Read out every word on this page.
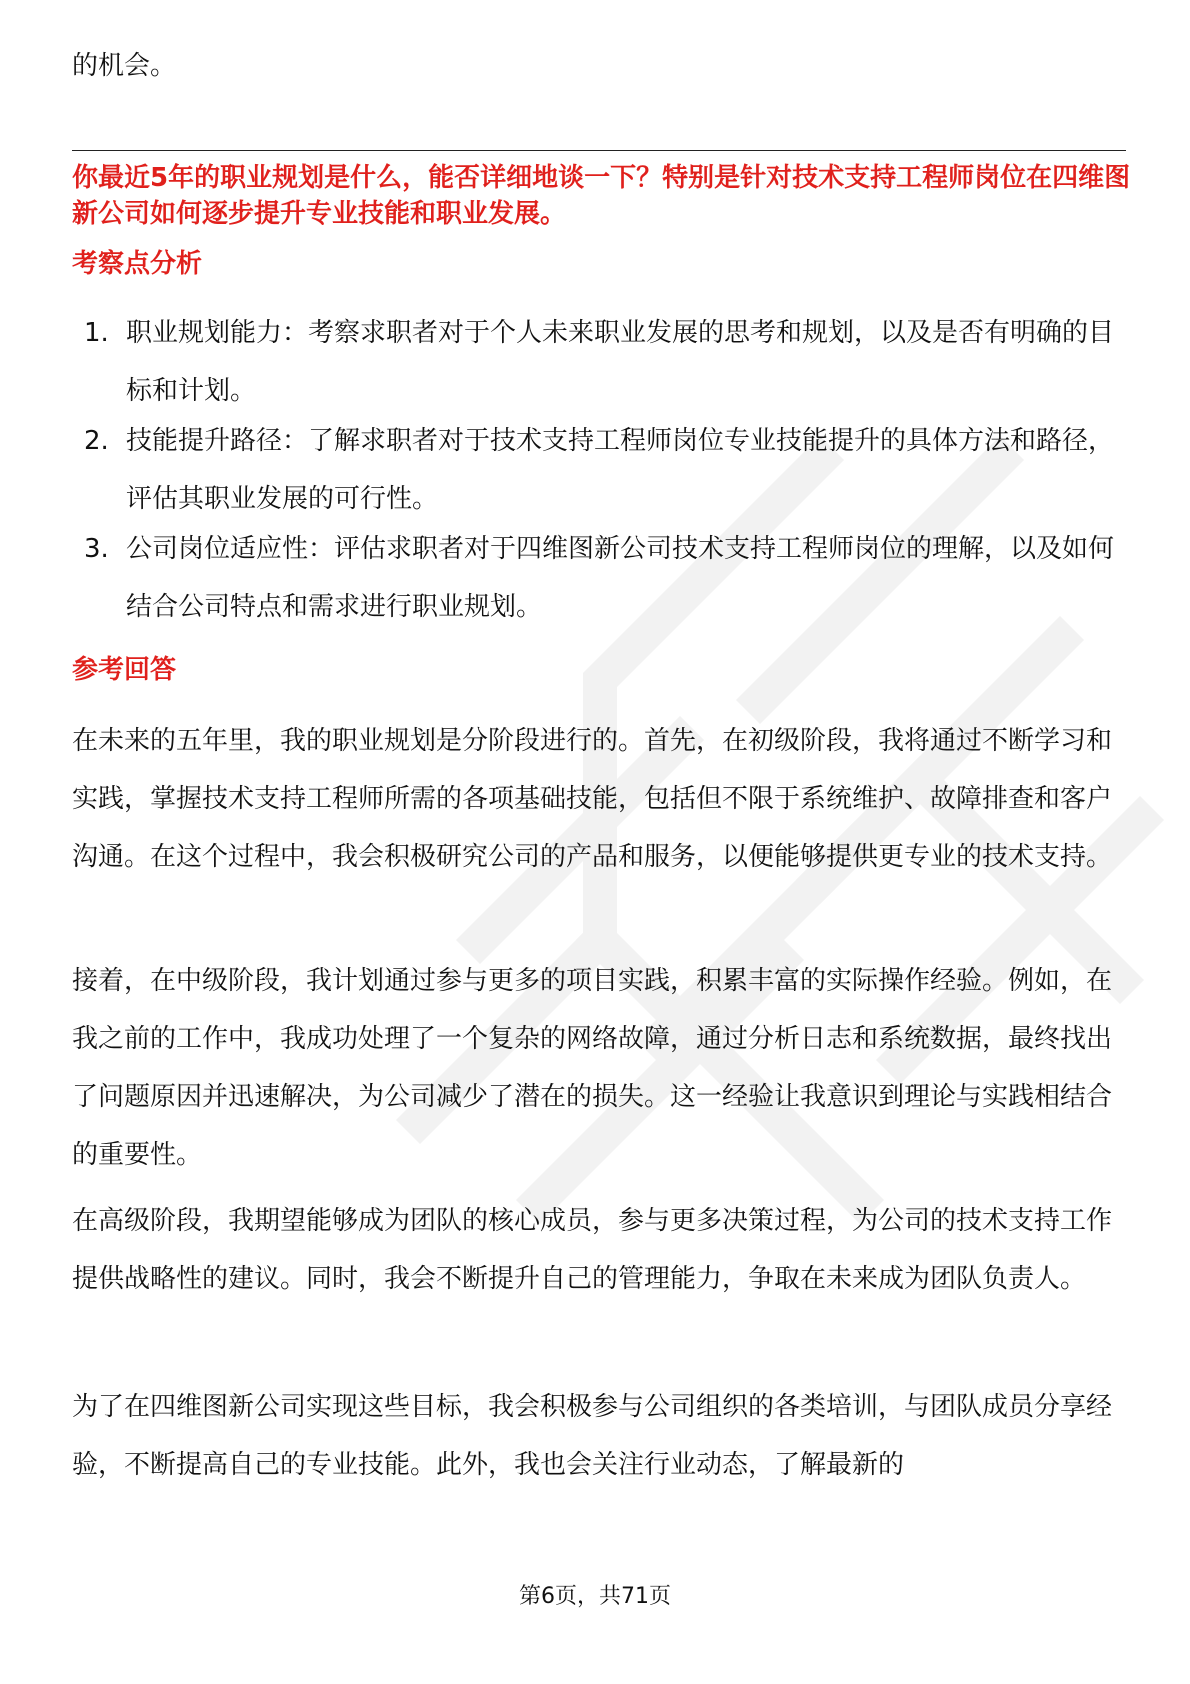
的机会。
你最近5年的职业规划是什么，能否详细地谈一下？特别是针对技术支持工程师岗位在四维图新公司如何逐步提升专业技能和职业发展。
考察点分析
1. 职业规划能力：考察求职者对于个人未来职业发展的思考和规划，以及是否有明确的目标和计划。
2. 技能提升路径：了解求职者对于技术支持工程师岗位专业技能提升的具体方法和路径，评估其职业发展的可行性。
3. 公司岗位适应性：评估求职者对于四维图新公司技术支持工程师岗位的理解，以及如何结合公司特点和需求进行职业规划。
参考回答
在未来的五年里，我的职业规划是分阶段进行的。首先，在初级阶段，我将通过不断学习和实践，掌握技术支持工程师所需的各项基础技能，包括但不限于系统维护、故障排查和客户沟通。在这个过程中，我会积极研究公司的产品和服务，以便能够提供更专业的技术支持。
接着，在中级阶段，我计划通过参与更多的项目实践，积累丰富的实际操作经验。例如，在我之前的工作中，我成功处理了一个复杂的网络故障，通过分析日志和系统数据，最终找出了问题原因并迅速解决，为公司减少了潜在的损失。这一经验让我意识到理论与实践相结合的重要性。
在高级阶段，我期望能够成为团队的核心成员，参与更多决策过程，为公司的技术支持工作提供战略性的建议。同时，我会不断提升自己的管理能力，争取在未来成为团队负责人。
为了在四维图新公司实现这些目标，我会积极参与公司组织的各类培训，与团队成员分享经验，不断提高自己的专业技能。此外，我也会关注行业动态，了解最新的
第6页，共71页
